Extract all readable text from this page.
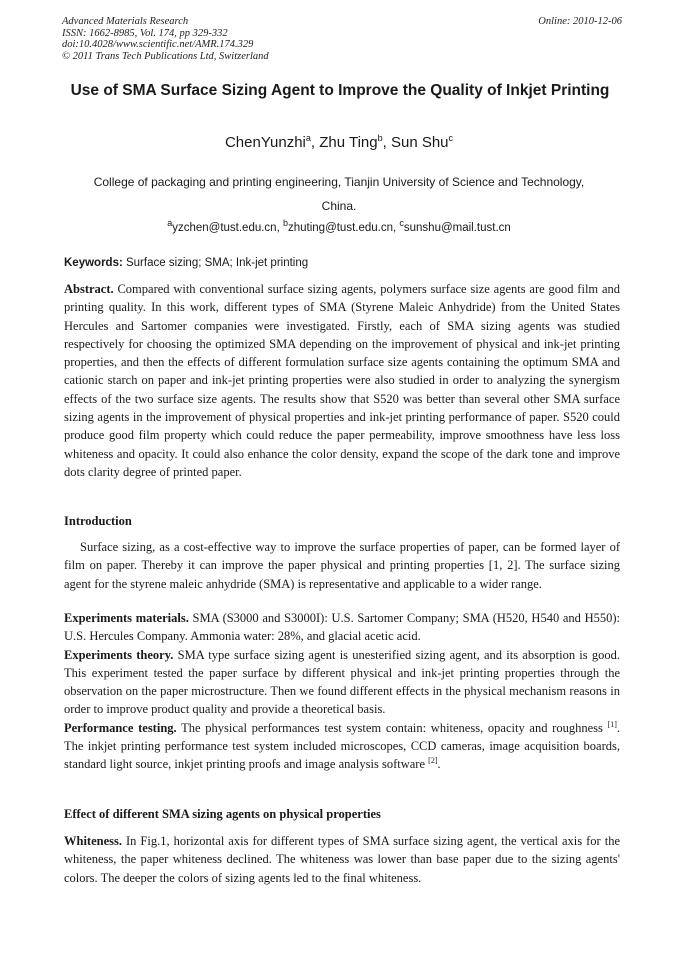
Advanced Materials Research
ISSN: 1662-8985, Vol. 174, pp 329-332
doi:10.4028/www.scientific.net/AMR.174.329
© 2011 Trans Tech Publications Ltd, Switzerland
Online: 2010-12-06
Use of SMA Surface Sizing Agent to Improve the Quality of Inkjet Printing
ChenYunzhi$^a$, Zhu Ting$^b$, Sun Shu$^c$
College of packaging and printing engineering, Tianjin University of Science and Technology,
China.
$^a$yzchen@tust.edu.cn, $^b$zhuting@tust.edu.cn, $^c$sunshu@mail.tust.cn
Keywords: Surface sizing; SMA; Ink-jet printing
Abstract. Compared with conventional surface sizing agents, polymers surface size agents are good film and printing quality. In this work, different types of SMA (Styrene Maleic Anhydride) from the United States Hercules and Sartomer companies were investigated. Firstly, each of SMA sizing agents was studied respectively for choosing the optimized SMA depending on the improvement of physical and ink-jet printing properties, and then the effects of different formulation surface size agents containing the optimum SMA and cationic starch on paper and ink-jet printing properties were also studied in order to analyzing the synergism effects of the two surface size agents. The results show that S520 was better than several other SMA surface sizing agents in the improvement of physical properties and ink-jet printing performance of paper. S520 could produce good film property which could reduce the paper permeability, improve smoothness have less loss whiteness and opacity. It could also enhance the color density, expand the scope of the dark tone and improve dots clarity degree of printed paper.
Introduction
Surface sizing, as a cost-effective way to improve the surface properties of paper, can be formed layer of film on paper. Thereby it can improve the paper physical and printing properties [1, 2]. The surface sizing agent for the styrene maleic anhydride (SMA) is representative and applicable to a wider range.
Experiments materials. SMA (S3000 and S3000I): U.S. Sartomer Company; SMA (H520, H540 and H550): U.S. Hercules Company. Ammonia water: 28%, and glacial acetic acid.
Experiments theory. SMA type surface sizing agent is unesterified sizing agent, and its absorption is good. This experiment tested the paper surface by different physical and ink-jet printing properties through the observation on the paper microstructure. Then we found different effects in the physical mechanism reasons in order to improve product quality and provide a theoretical basis.
Performance testing. The physical performances test system contain: whiteness, opacity and roughness [1]. The inkjet printing performance test system included microscopes, CCD cameras, image acquisition boards, standard light source, inkjet printing proofs and image analysis software [2].
Effect of different SMA sizing agents on physical properties
Whiteness. In Fig.1, horizontal axis for different types of SMA surface sizing agent, the vertical axis for the whiteness, the paper whiteness declined. The whiteness was lower than base paper due to the sizing agents' colors. The deeper the colors of sizing agents led to the final whiteness.
